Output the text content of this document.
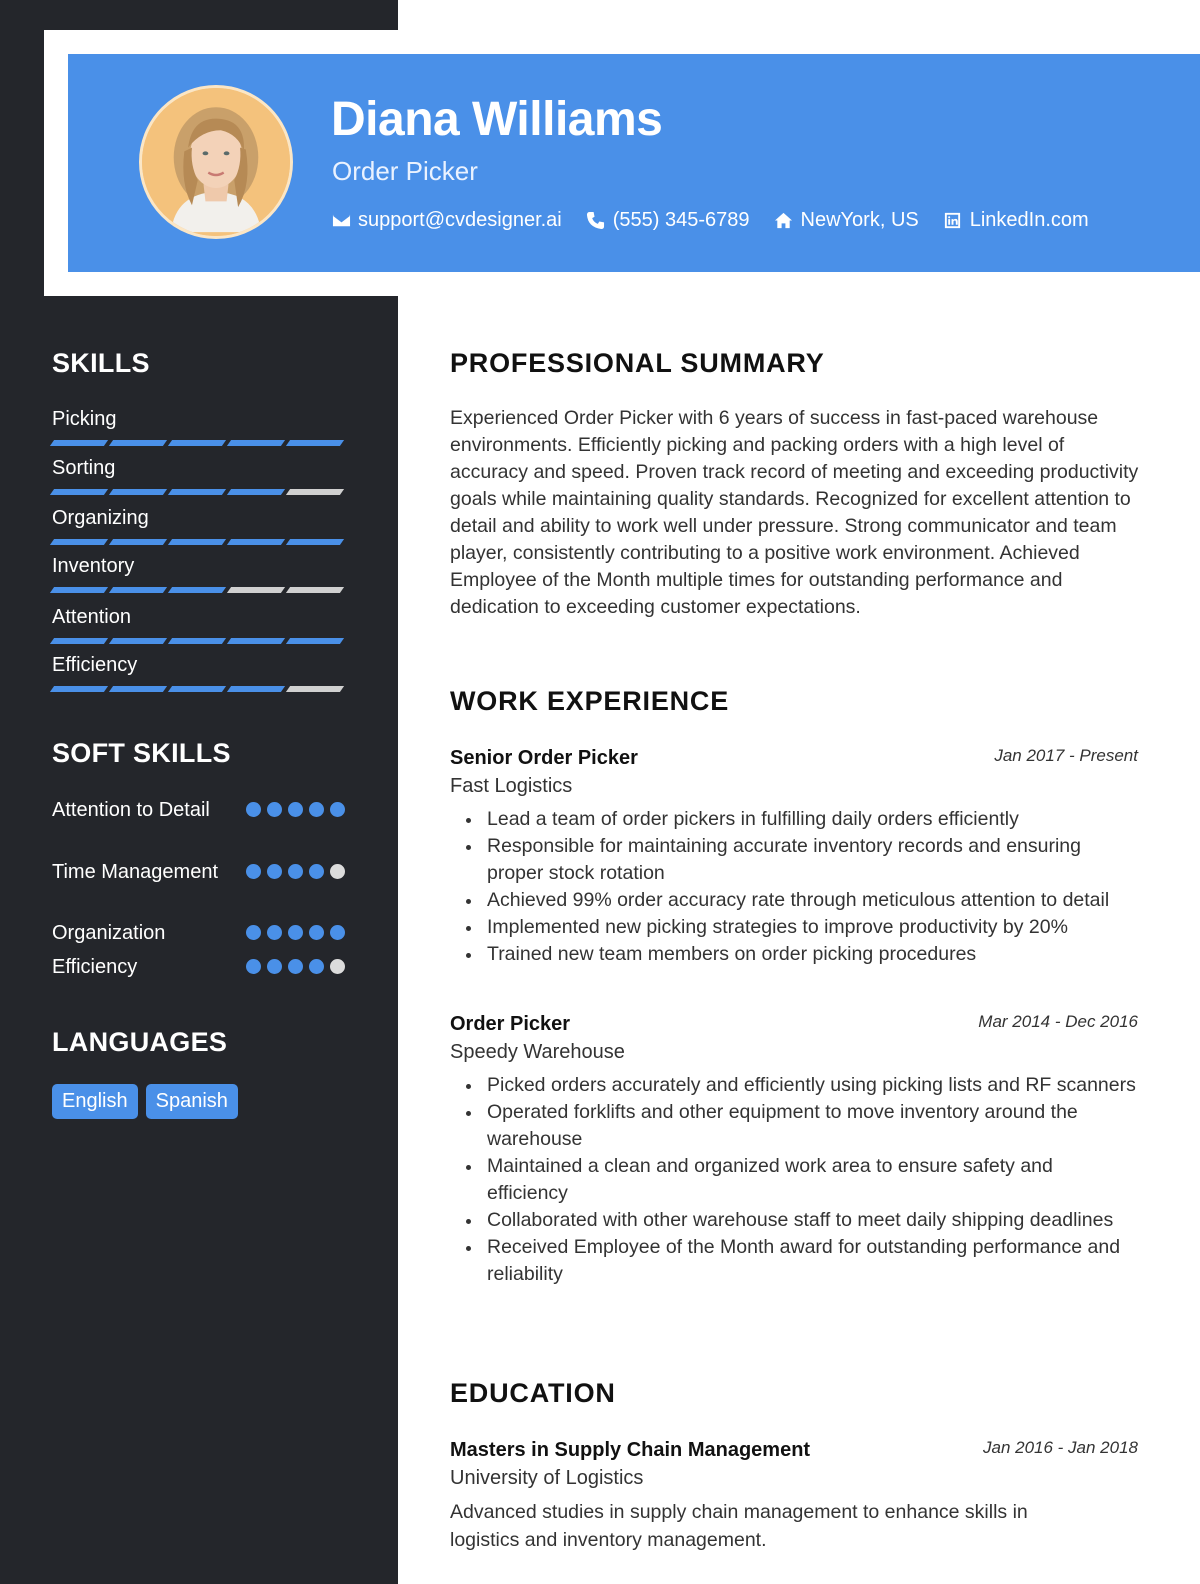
Diana Williams
Order Picker
support@cvdesigner.ai	(555) 345-6789	NewYork, US	LinkedIn.com
SKILLS
Picking
Sorting
Organizing
Inventory
Attention
Efficiency
SOFT SKILLS
Attention to Detail
Time Management
Organization
Efficiency
LANGUAGES
English	Spanish
PROFESSIONAL SUMMARY
Experienced Order Picker with 6 years of success in fast-paced warehouse environments. Efficiently picking and packing orders with a high level of accuracy and speed. Proven track record of meeting and exceeding productivity goals while maintaining quality standards. Recognized for excellent attention to detail and ability to work well under pressure. Strong communicator and team player, consistently contributing to a positive work environment. Achieved Employee of the Month multiple times for outstanding performance and dedication to exceeding customer expectations.
WORK EXPERIENCE
Senior Order Picker	Jan 2017 - Present
Fast Logistics
Lead a team of order pickers in fulfilling daily orders efficiently
Responsible for maintaining accurate inventory records and ensuring proper stock rotation
Achieved 99% order accuracy rate through meticulous attention to detail
Implemented new picking strategies to improve productivity by 20%
Trained new team members on order picking procedures
Order Picker	Mar 2014 - Dec 2016
Speedy Warehouse
Picked orders accurately and efficiently using picking lists and RF scanners
Operated forklifts and other equipment to move inventory around the warehouse
Maintained a clean and organized work area to ensure safety and efficiency
Collaborated with other warehouse staff to meet daily shipping deadlines
Received Employee of the Month award for outstanding performance and reliability
EDUCATION
Masters in Supply Chain Management	Jan 2016 - Jan 2018
University of Logistics
Advanced studies in supply chain management to enhance skills in logistics and inventory management.
